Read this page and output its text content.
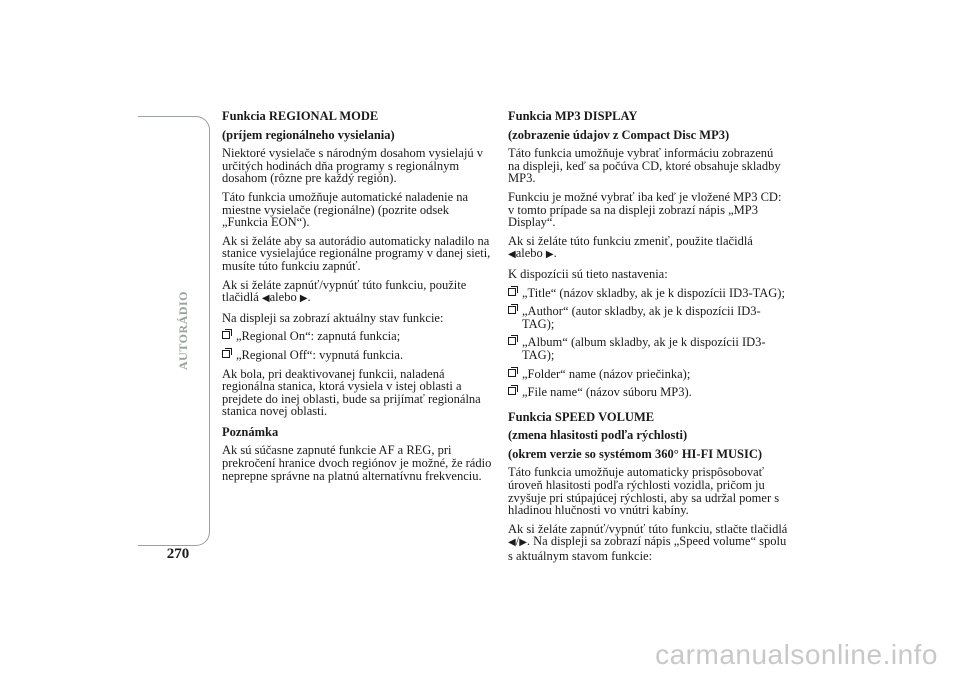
AUTORÁDIO
270

Funkcia REGIONAL MODE

(príjem regionálneho vysielania)

Niektoré vysielače s národným dosahom vysielajú v určitých hodinách dňa programy s regionálnym dosahom (rôzne pre každý región).

Táto funkcia umožňuje automatické naladenie na miestne vysielače (regionálne) (pozrite odsek „Funkcia EON“).

Ak si želáte aby sa autorádio automaticky naladilo na stanice vysielajúce regionálne programy v danej sieti, musíte túto funkciu zapnúť.

Ak si želáte zapnúť/vypnúť túto funkciu, použite tlačidlá ◀alebo ▶.

Na displeji sa zobrazí aktuálny stav funkcie:

„Regional On“: zapnutá funkcia;

„Regional Off“: vypnutá funkcia.

Ak bola, pri deaktivovanej funkcii, naladená regionálna stanica, ktorá vysiela v istej oblasti a prejdete do inej oblasti, bude sa prijímať regionálna stanica novej oblasti.

Poznámka

Ak sú súčasne zapnuté funkcie AF a REG, pri prekročení hranice dvoch regiónov je možné, že rádio neprepne správne na platnú alternatívnu frekvenciu.

Funkcia MP3 DISPLAY

(zobrazenie údajov z Compact Disc MP3)

Táto funkcia umožňuje vybrať informáciu zobrazenú na displeji, keď sa počúva CD, ktoré obsahuje skladby MP3.

Funkciu je možné vybrať iba keď je vložené MP3 CD: v tomto prípade sa na displeji zobrazí nápis „MP3 Display“.

Ak si želáte túto funkciu zmeniť, použite tlačidlá
◀alebo ▶.

K dispozícii sú tieto nastavenia:

„Title“ (názov skladby, ak je k dispozícii ID3-TAG);

„Author“ (autor skladby, ak je k dispozícii ID3-TAG);

„Album“ (album skladby, ak je k dispozícii ID3-TAG);

„Folder“ name (názov priečinka);

„File name“ (názov súboru MP3).

Funkcia SPEED VOLUME

(zmena hlasitosti podľa rýchlosti)

(okrem verzie so systémom 360° HI-FI MUSIC)

Táto funkcia umožňuje automaticky prispôsobovať úroveň hlasitosti podľa rýchlosti vozidla, pričom ju zvyšuje pri stúpajúcej rýchlosti, aby sa udržal pomer s hladinou hlučnosti vo vnútri kabíny.

Ak si želáte zapnúť/vypnúť túto funkciu, stlačte tlačidlá ◀/▶. Na displeji sa zobrazí nápis „Speed volume“ spolu s aktuálnym stavom funkcie:

carmanualsonline.info
